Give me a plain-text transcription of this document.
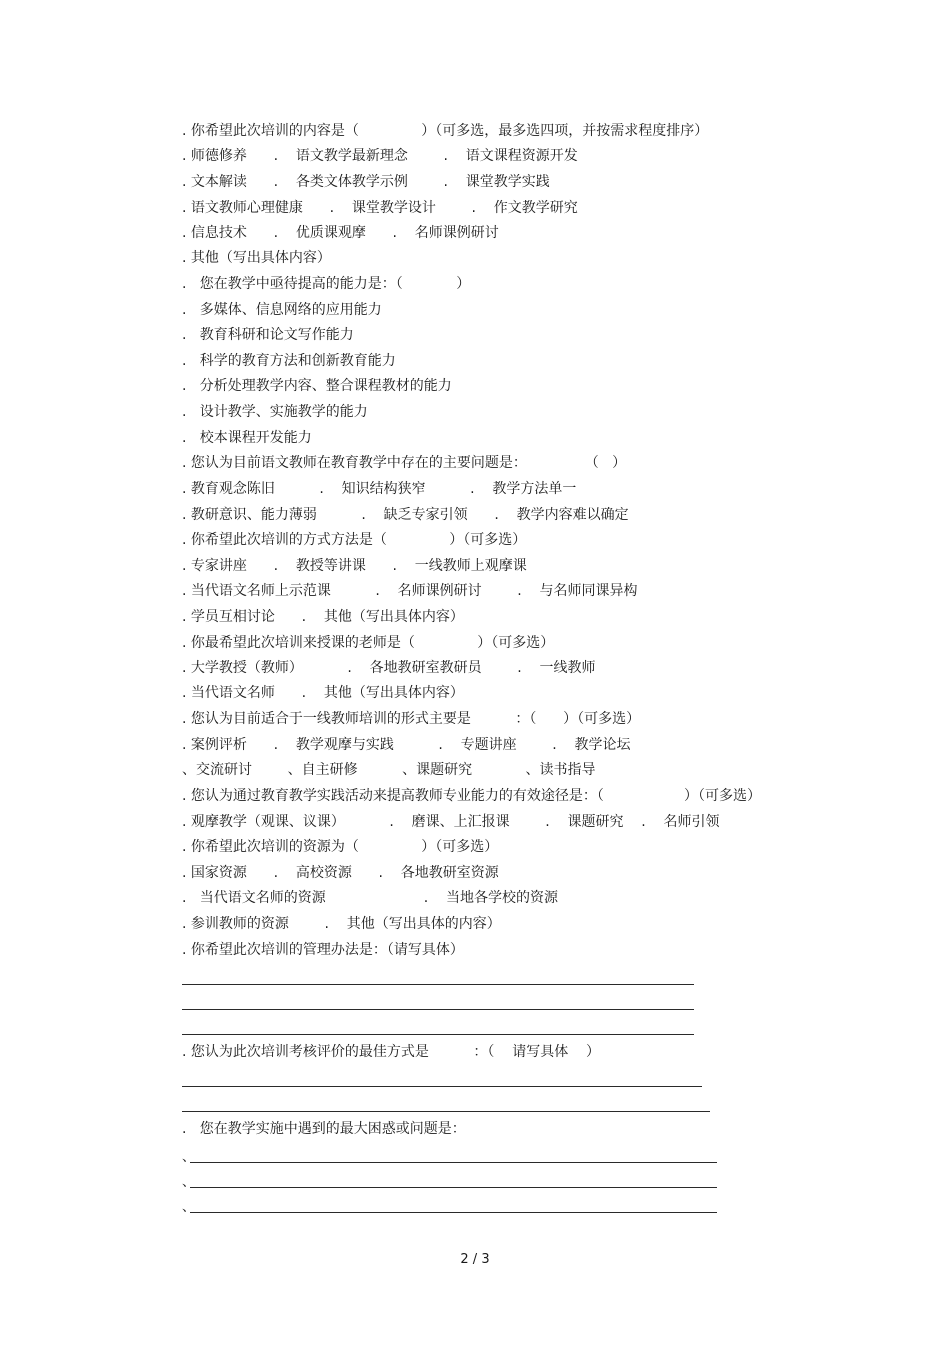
. 你希望此次培训的内容是（              ）（可多选，最多选四项，并按需求程度排序）
. 师德修养      .    语文教学最新理念        .    语文课程资源开发
. 文本解读      .    各类文体教学示例        .    课堂教学实践
. 语文教师心理健康      .    课堂教学设计        .    作文教学研究
. 信息技术      .    优质课观摩      .    名师课例研讨
. 其他（写出具体内容）
.   您在教学中亟待提高的能力是：（            ）
.   多媒体、信息网络的应用能力
.   教育科研和论文写作能力
.   科学的教育方法和创新教育能力
.   分析处理教学内容、整合课程教材的能力
.   设计教学、实施教学的能力
.   校本课程开发能力
. 您认为目前语文教师在教育教学中存在的主要问题是：             （   ）
. 教育观念陈旧          .    知识结构狭窄          .    教学方法单一
. 教研意识、能力薄弱          .    缺乏专家引领      .    教学内容难以确定
. 你希望此次培训的方式方法是（              ）（可多选）
. 专家讲座      .    教授等讲课      .    一线教师上观摩课
. 当代语文名师上示范课          .    名师课例研讨        .    与名师同课异构
. 学员互相讨论      .    其他（写出具体内容）
. 你最希望此次培训来授课的老师是（              ）（可多选）
. 大学教授（教师）          .    各地教研室教研员        .    一线教师
. 当代语文名师      .    其他（写出具体内容）
. 您认为目前适合于一线教师培训的形式主要是          ：（      ）（可多选）
. 案例评析      .    教学观摩与实践          .    专题讲座        .    教学论坛
、交流研讨        、自主研修          、课题研究            、读书指导
. 您认为通过教育教学实践活动来提高教师专业能力的有效途径是：（                  ）（可多选）
. 观摩教学（观课、议课）          .    磨课、上汇报课        .    课题研究    .    名师引领
. 你希望此次培训的资源为（              ）（可多选）
. 国家资源      .    高校资源      .    各地教研室资源
.   当代语文名师的资源                      .    当地各学校的资源
. 参训教师的资源        .    其他（写出具体的内容）
. 你希望此次培训的管理办法是：（请写具体）
. 您认为此次培训考核评价的最佳方式是          ：（    请写具体    ）
.   您在教学实施中遇到的最大困惑或问题是：
、
、
、
2 / 3
